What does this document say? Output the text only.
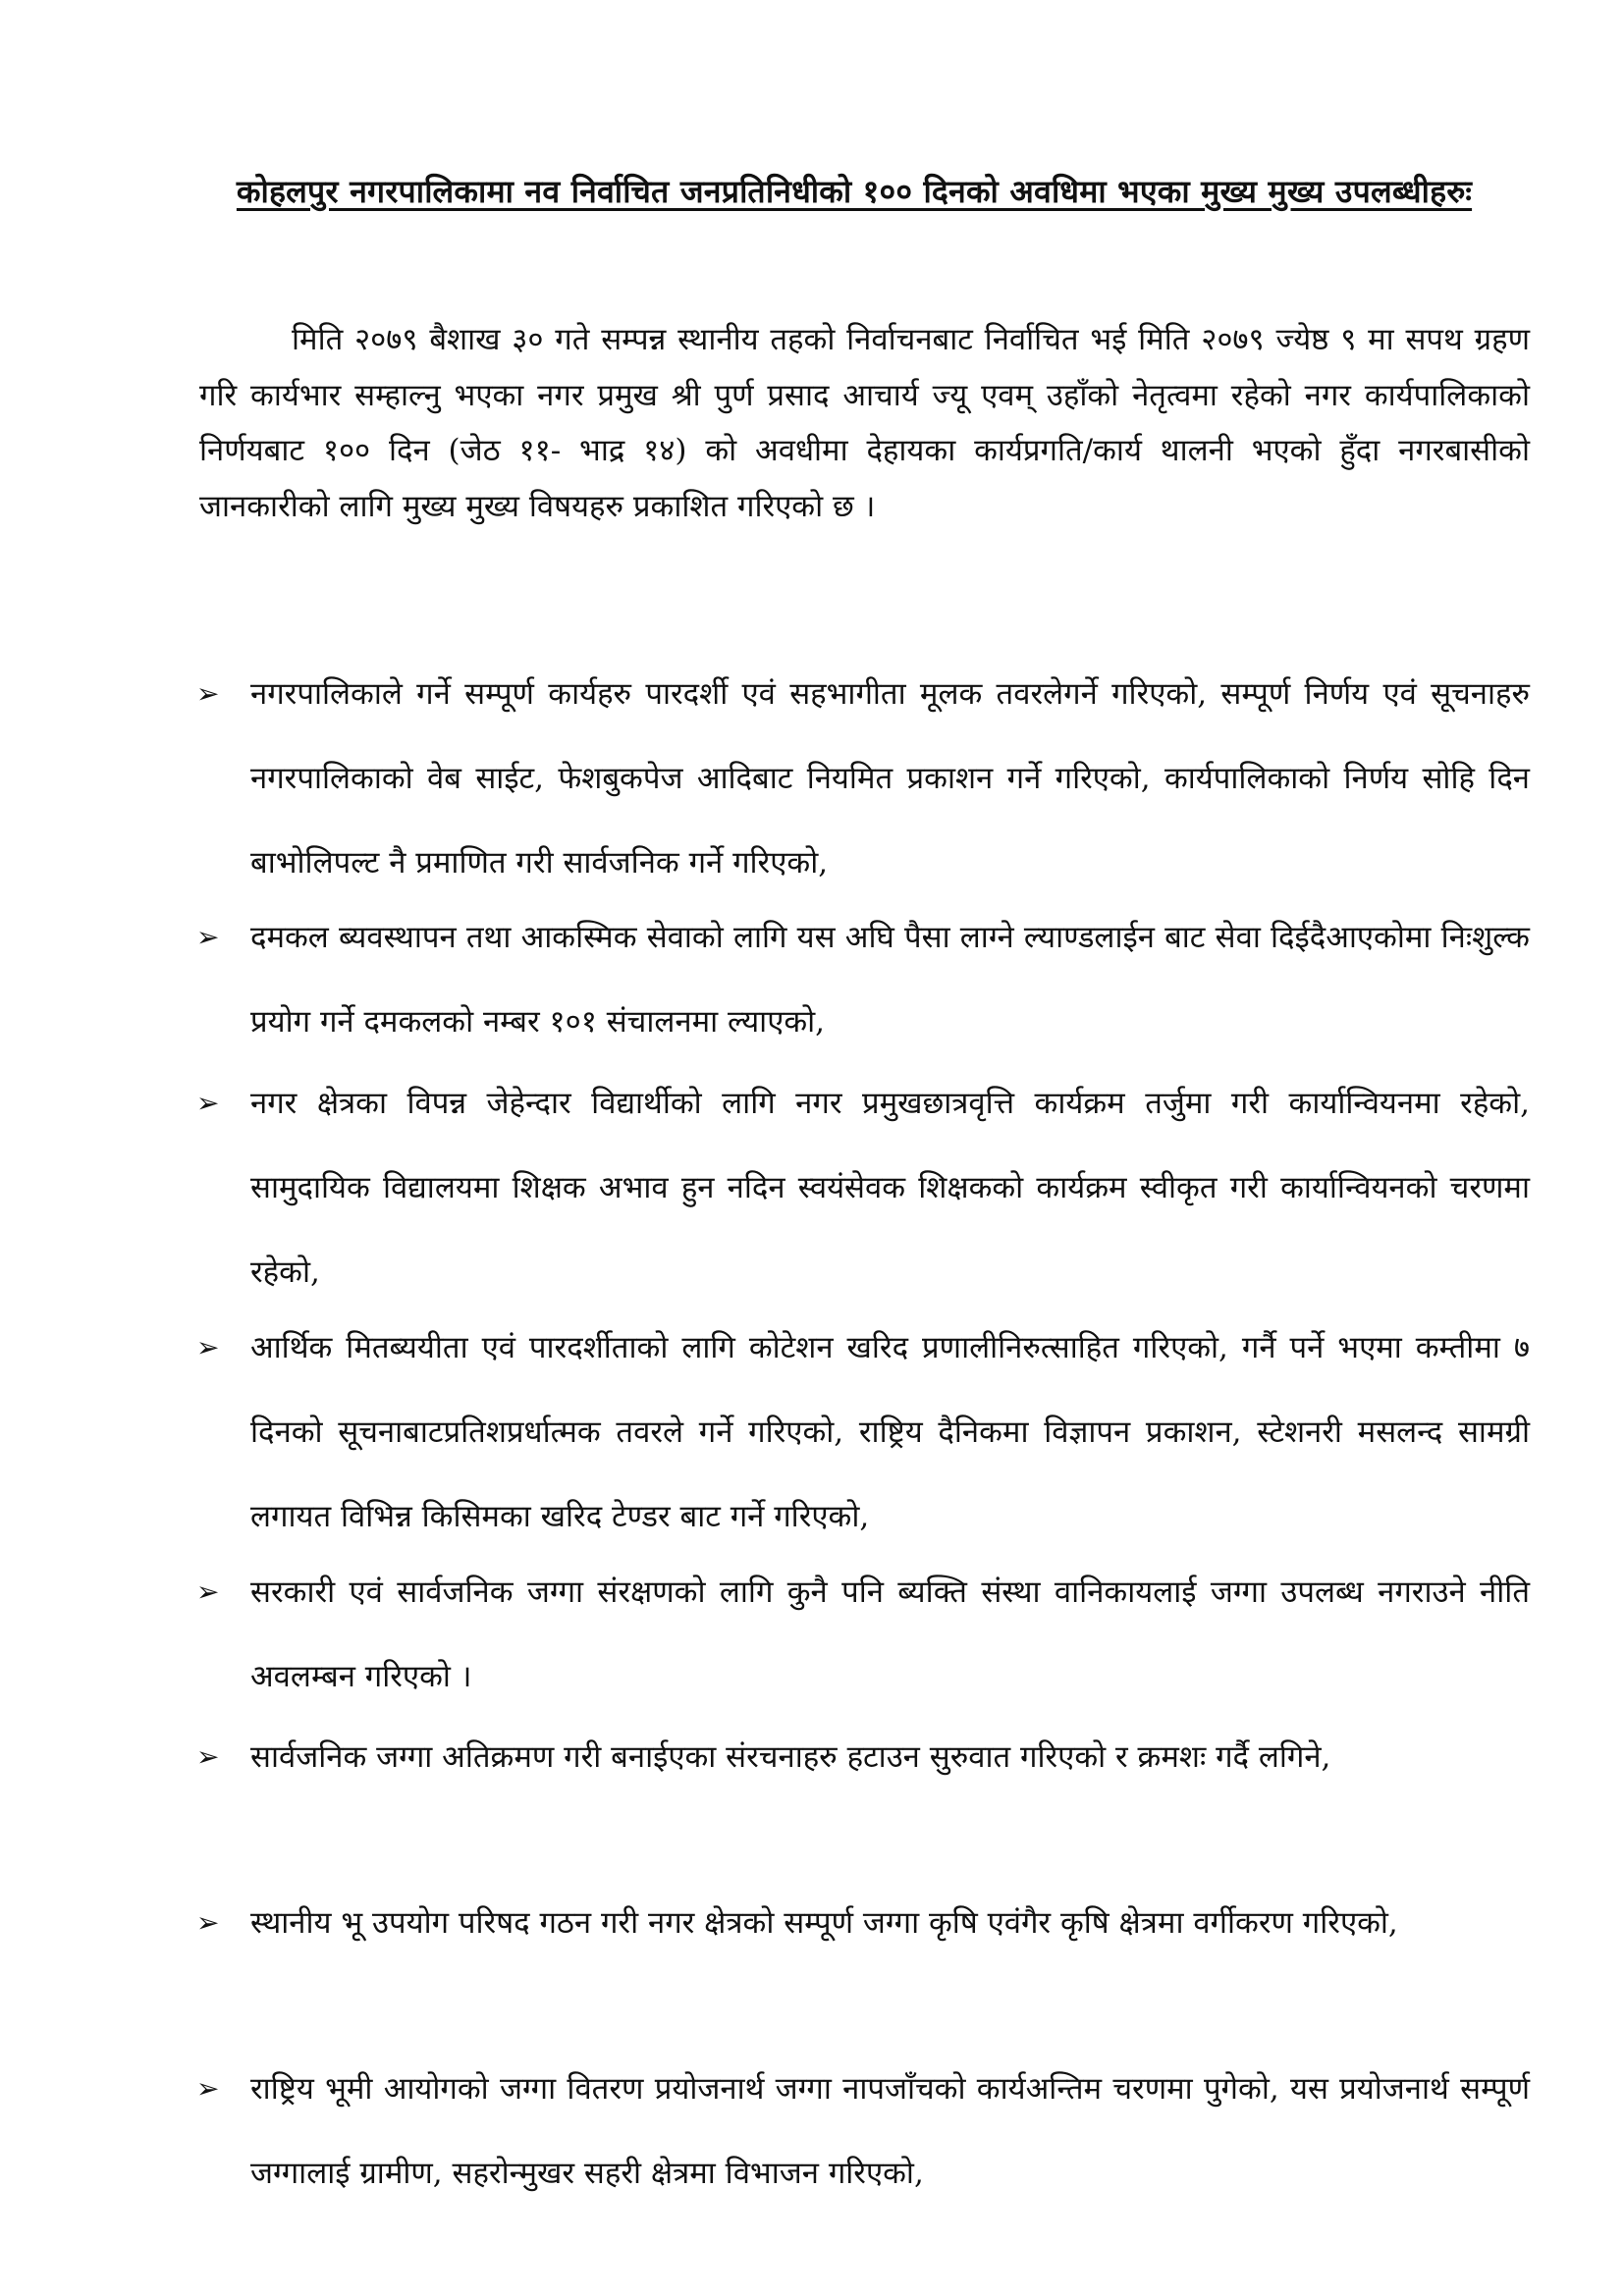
कोहलपुर नगरपालिकामा नव निर्वाचित जनप्रतिनिधीको १०० दिनको अवधिमा भएका मुख्य मुख्य उपलब्धीहरुः

मिति २०७९ बैशाख ३० गते सम्पन्न स्थानीय तहको निर्वाचनबाट निर्वाचित भई मिति २०७९ ज्येष्ठ ९ मा सपथ ग्रहण गरि कार्यभार सम्हाल्नु भएका नगर प्रमुख श्री पुर्ण प्रसाद आचार्य ज्यू एवम् उहाँको नेतृत्वमा रहेको नगर कार्यपालिकाको निर्णयबाट १०० दिन (जेठ ११- भाद्र १४) को अवधीमा देहायका कार्यप्रगति/कार्य थालनी भएको हुँदा नगरबासीको जानकारीको लागि मुख्य मुख्य विषयहरु प्रकाशित गरिएको छ ।

➢ नगरपालिकाले गर्ने सम्पूर्ण कार्यहरु पारदर्शी एवं सहभागीता मूलक तवरलेगर्ने गरिएको, सम्पूर्ण निर्णय एवं सूचनाहरु नगरपालिकाको वेब साईट, फेशबुकपेज आदिबाट नियमित प्रकाशन गर्ने गरिएको, कार्यपालिकाको निर्णय सोहि दिन बाभोलिपल्ट नै प्रमाणित गरी सार्वजनिक गर्ने गरिएको,

➢ दमकल ब्यवस्थापन तथा आकस्मिक सेवाको लागि यस अघि पैसा लाग्ने ल्याण्डलाईन बाट सेवा दिईदैआएकोमा निःशुल्क प्रयोग गर्ने दमकलको नम्बर १०१ संचालनमा ल्याएको,

➢ नगर क्षेत्रका विपन्न जेहेन्दार विद्यार्थीको लागि नगर प्रमुखछात्रवृत्ति कार्यक्रम तर्जुमा गरी कार्यान्वियनमा रहेको, सामुदायिक विद्यालयमा शिक्षक अभाव हुन नदिन स्वयंसेवक शिक्षकको कार्यक्रम स्वीकृत गरी कार्यान्वियनको चरणमा रहेको,

➢ आर्थिक मितब्ययीता एवं पारदर्शीताको लागि कोटेशन खरिद प्रणालीनिरुत्साहित गरिएको, गर्नै पर्ने भएमा कम्तीमा ७ दिनको सूचनाबाटप्रतिशप्रर्धात्मक तवरले गर्ने गरिएको, राष्ट्रिय दैनिकमा विज्ञापन प्रकाशन, स्टेशनरी मसलन्द सामग्री लगायत विभिन्न किसिमका खरिद टेण्डर बाट गर्ने गरिएको,

➢ सरकारी एवं सार्वजनिक जग्गा संरक्षणको लागि कुनै पनि ब्यक्ति संस्था वानिकायलाई जग्गा उपलब्ध नगराउने नीति अवलम्बन गरिएको ।

➢ सार्वजनिक जग्गा अतिक्रमण गरी बनाईएका संरचनाहरु हटाउन सुरुवात गरिएको र क्रमशः गर्दै लगिने,

➢ स्थानीय भू उपयोग परिषद गठन गरी नगर क्षेत्रको सम्पूर्ण जग्गा कृषि एवंगैर कृषि क्षेत्रमा वर्गीकरण गरिएको,

➢ राष्ट्रिय भूमी आयोगको जग्गा वितरण प्रयोजनार्थ जग्गा नापजाँचको कार्यअन्तिम चरणमा पुगेको, यस प्रयोजनार्थ सम्पूर्ण जग्गालाई ग्रामीण, सहरोन्मुखर सहरी क्षेत्रमा विभाजन गरिएको,
